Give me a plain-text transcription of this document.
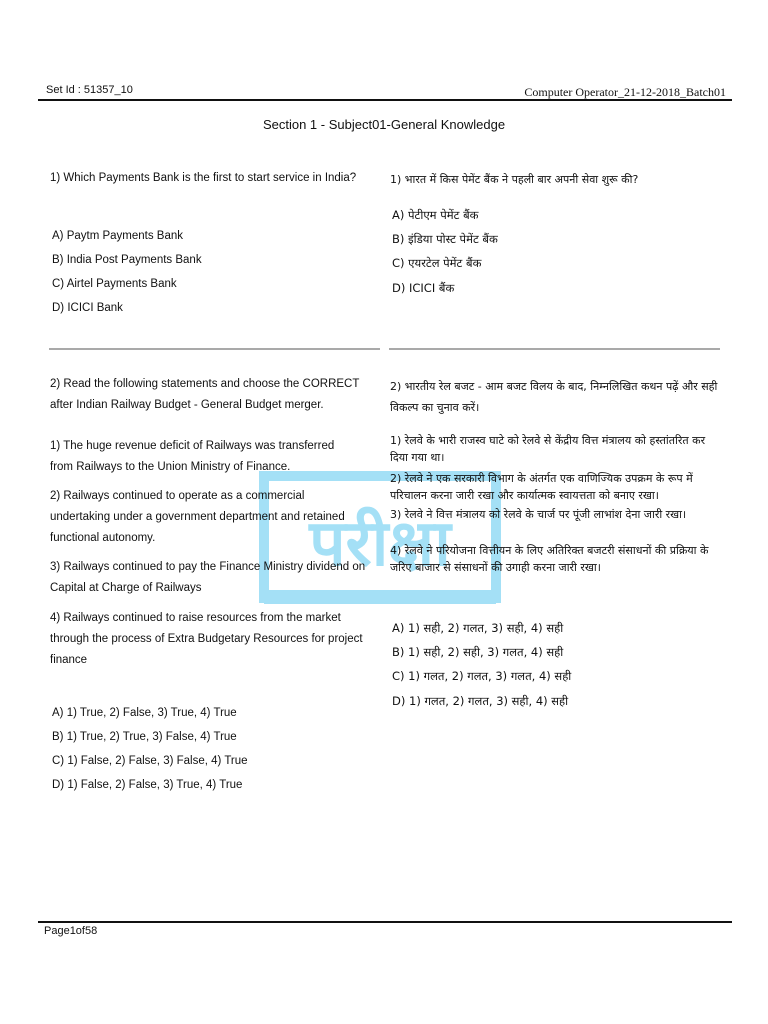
Set Id : 51357_10	Computer Operator_21-12-2018_Batch01
Section 1 - Subject01-General Knowledge
1) Which Payments Bank is the first to start service in India?
A) Paytm Payments Bank
B) India Post Payments Bank
C) Airtel Payments Bank
D) ICICI Bank
1) भारत में किस पेमेंट बैंक ने पहली बार अपनी सेवा शुरू की?
A) पेटीएम पेमेंट बैंक
B) इंडिया पोस्ट पेमेंट बैंक
C) एयरटेल पेमेंट बैंक
D) ICICI बैंक
परीक्षा
2) Read the following statements and choose the CORRECT after Indian Railway Budget - General Budget merger.
1) The huge revenue deficit of Railways was transferred from Railways to the Union Ministry of Finance.
2) Railways continued to operate as a commercial undertaking under a government department and retained functional autonomy.
3) Railways continued to pay the Finance Ministry dividend on Capital at Charge of Railways
4) Railways continued to raise resources from the market through the process of Extra Budgetary Resources for project finance
A) 1) True, 2) False, 3) True, 4) True
B) 1) True, 2) True, 3) False, 4) True
C) 1) False, 2) False, 3) False, 4) True
D) 1) False, 2) False, 3) True, 4) True
2) भारतीय रेल बजट - आम बजट विलय के बाद, निम्नलिखित कथन पढ़ें और सही विकल्प का चुनाव करें।
1) रेलवे के भारी राजस्व घाटे को रेलवे से केंद्रीय वित्त मंत्रालय को हस्तांतरित कर दिया गया था।
2) रेलवे ने एक सरकारी विभाग के अंतर्गत एक वाणिज्यिक उपक्रम के रूप में परिचालन करना जारी रखा और कार्यात्मक स्वायत्तता को बनाए रखा।
3) रेलवे ने वित्त मंत्रालय को रेलवे के चार्ज पर पूंजी लाभांश देना जारी रखा।
4) रेलवे ने परियोजना वित्तीयन के लिए अतिरिक्त बजटरी संसाधनों की प्रक्रिया के जरिए बाजार से संसाधनों की उगाही करना जारी रखा।
A) 1) सही, 2) गलत, 3) सही, 4) सही
B) 1) सही, 2) सही, 3) गलत, 4) सही
C) 1) गलत, 2) गलत, 3) गलत, 4) सही
D) 1) गलत, 2) गलत, 3) सही, 4) सही
Page1of58
